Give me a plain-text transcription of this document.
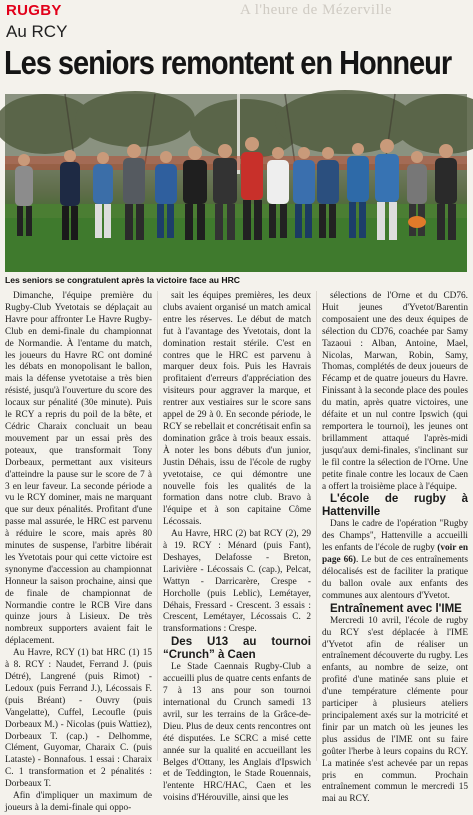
A l'heure de Mézerville
RUGBY
Au RCY
Les seniors remontent en Honneur
Les seniors se congratulent après la victoire face au HRC

Dimanche, l'équipe première du Rugby-Club Yvetotais se déplaçait au Havre pour affronter Le Havre Rugby-Club en demi-finale du championnat de Normandie. À l'entame du match, les joueurs du Havre RC ont dominé les débats en monopolisant le ballon, mais la défense yvetotaise a très bien résisté, jusqu'à l'ouverture du score des locaux sur pénalité (30e minute). Puis le RCY a repris du poil de la bête, et Cédric Charaix concluait un beau mouvement par un essai près des poteaux, que transformait Tony Dorbeaux, permettant aux visiteurs d'atteindre la pause sur le score de 7 à 3 en leur faveur. La seconde période a vu le RCY dominer, mais ne marquant que sur deux pénalités. Profitant d'une passe mal assurée, le HRC est parvenu à réduire le score, mais après 80 minutes de suspense, l'arbitre libérait les Yvetotais pour qui cette victoire est synonyme d'accession au championnat Honneur la saison prochaine, ainsi que de finale de championnat de Normandie contre le RCB Vire dans quinze jours à Lisieux. De très nombreux supporters avaient fait le déplacement.

Au Havre, RCY (1) bat HRC (1) 15 à 8. RCY : Naudet, Ferrand J. (puis Détré), Langrené (puis Rimot) - Ledoux (puis Ferrand J.), Lécossais F. (puis Bréant) - Ouvry (puis Vangelatte), Cuffel, Lecoufle (puis Dorbeaux M.) - Nicolas (puis Wattiez), Dorbeaux T. (cap.) - Delhomme, Clément, Guyomar, Charaix C. (puis Lataste) - Bonnafous. 1 essai : Charaix C. 1 transformation et 2 pénalités : Dorbeaux T.

Afin d'impliquer un maximum de joueurs à la demi-finale qui oppo-

sait les équipes premières, les deux clubs avaient organisé un match amical entre les réserves. Le début de match fut à l'avantage des Yvetotais, dont la domination restait stérile. C'est en contres que le HRC est parvenu à marquer deux fois. Puis les Havrais profitaient d'erreurs d'appréciation des visiteurs pour aggraver la marque, et rentrer aux vestiaires sur le score sans appel de 29 à 0. En seconde période, le RCY se rebellait et concrétisait enfin sa domination grâce à trois beaux essais. À noter les bons débuts d'un junior, Justin Déhais, issu de l'école de rugby yvetotaise, ce qui démontre une nouvelle fois les qualités de la formation dans notre club. Bravo à l'équipe et à son capitaine Côme Lécossais.

Au Havre, HRC (2) bat RCY (2), 29 à 19. RCY : Ménard (puis Fant), Deshayes, Delafosse - Breton, Larivière - Lécossais C. (cap.), Pelcat, Wattyn - Darricarère, Crespe - Horcholle (puis Leblic), Lemétayer, Déhais, Fressard - Crescent. 3 essais : Crescent, Lemétayer, Lécossais C. 2 transformations : Crespe.

Des U13 au tournoi “Crunch” à Caen

Le Stade Caennais Rugby-Club a accueilli plus de quatre cents enfants de 7 à 13 ans pour son tournoi international du Crunch samedi 13 avril, sur les terrains de la Grâce-de-Dieu. Plus de deux cents rencontres ont été disputées. Le SCRC a misé cette année sur la qualité en accueillant les Belges d'Ottany, les Anglais d'Ipswich et de Teddington, le Stade Rouennais, l'entente HRC/HAC, Caen et les voisins d'Hérouville, ainsi que les

sélections de l'Orne et du CD76. Huit jeunes d'Yvetot/Barentin composaient une des deux équipes de sélection du CD76, coachée par Samy Tazaoui : Alban, Antoine, Mael, Nicolas, Marwan, Robin, Samy, Thomas, complétés de deux joueurs de Fécamp et de quatre joueurs du Havre. Finissant à la seconde place des poules du matin, après quatre victoires, une défaite et un nul contre Ipswich (qui remportera le tournoi), les jeunes ont brillamment attaqué l'après-midi jusqu'aux demi-finales, s'inclinant sur le fil contre la sélection de l'Orne. Une petite finale contre les locaux de Caen a offert la troisième place à l'équipe.

L'école de rugby à Hattenville

Dans le cadre de l'opération "Rugby des Champs", Hattenville a accueilli les enfants de l'école de rugby (voir en page 66). Le but de ces entraînements délocalisés est de faciliter la pratique du ballon ovale aux enfants des communes aux alentours d'Yvetot.

Entraînement avec l'IME

Mercredi 10 avril, l'école de rugby du RCY s'est déplacée à l'IME d'Yvetot afin de réaliser un entraînement découverte du rugby. Les enfants, au nombre de seize, ont profité d'une matinée sans pluie et d'une température clémente pour participer à plusieurs ateliers principalement axés sur la motricité et finir par un match où les jeunes les plus assidus de l'IME ont su faire goûter l'herbe à leurs copains du RCY. La matinée s'est achevée par un repas pris en commun. Prochain entraînement commun le mercredi 15 mai au RCY.
